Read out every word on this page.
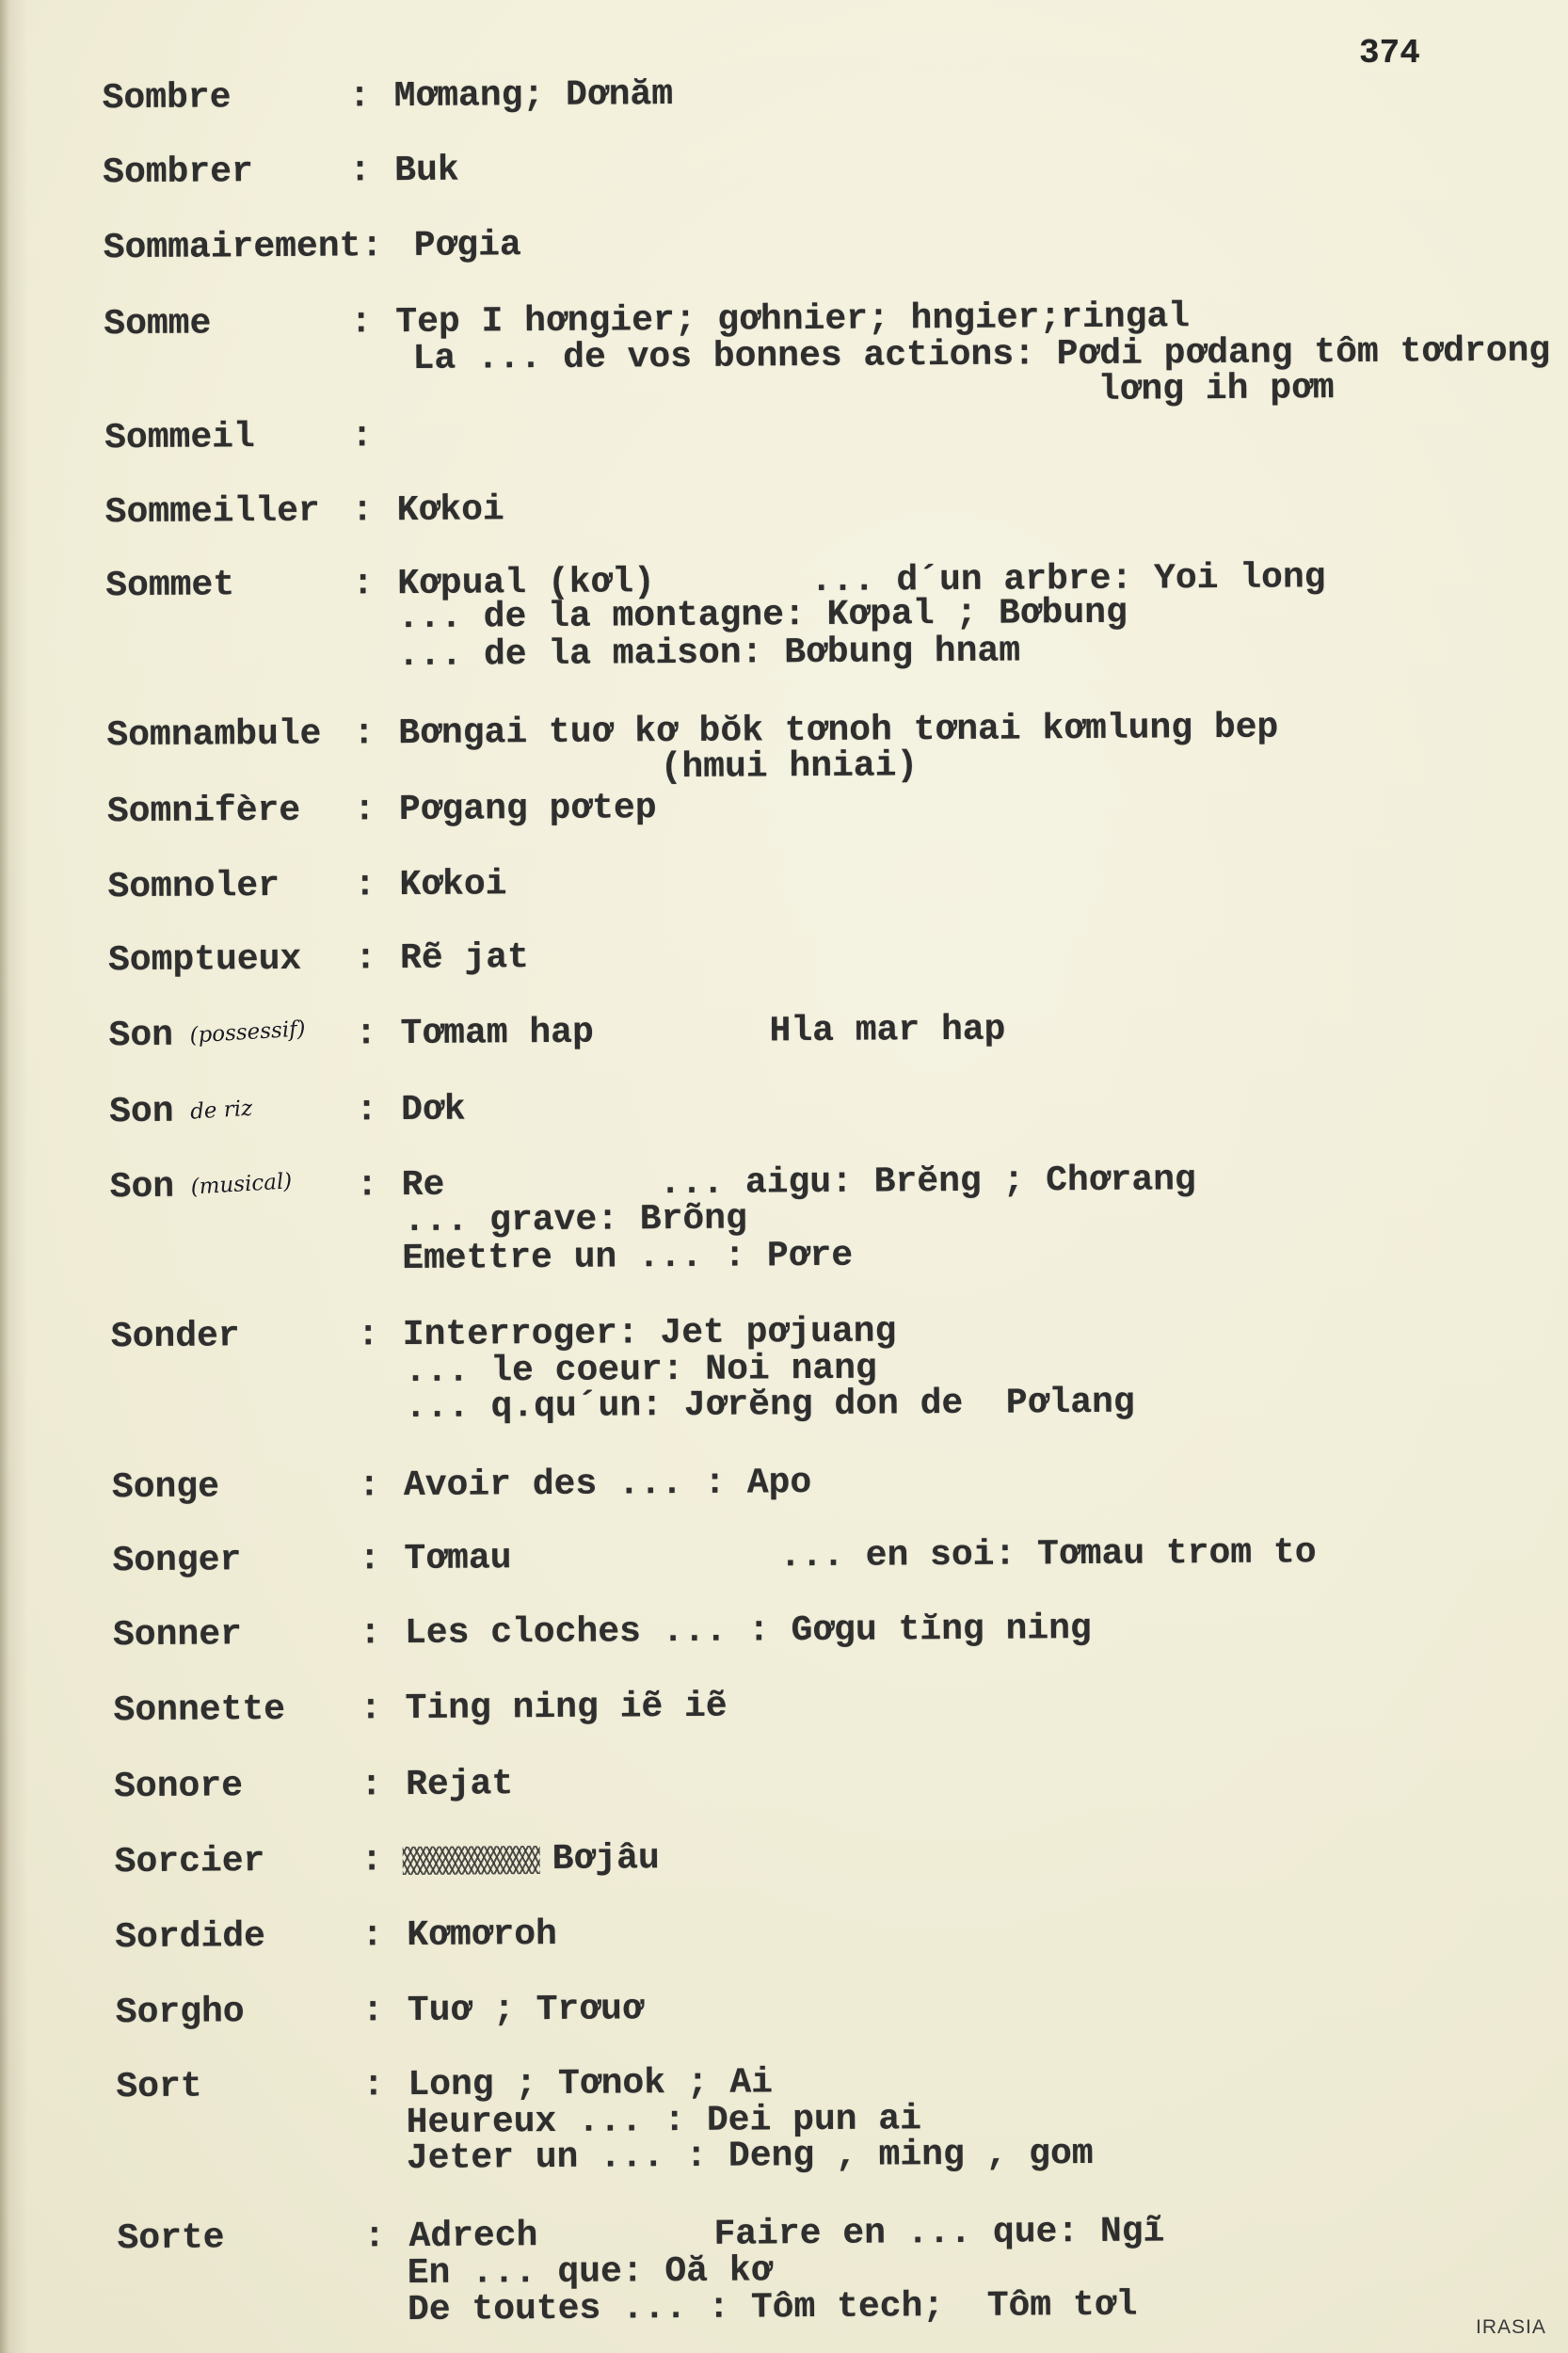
374
Sombre	: Mơmang; Dơnăm
Sombrer	: Buk
Sommairement : Pơgia
Somme	: Tep I hơngier; gơhnier; hngier;ringal
La ... de vos bonnes actions: Pơdi pơdang tôm tơdrong
lơng ih pơm
Sommeil	:
Sommeiller : Kơkoi
Sommet	: Kơpual (kơl)	... d´un arbre: Yoi long
... de la montagne: Kơpal ; Bơbung
... de la maison: Bơbung hnam
Somnambule : Bơngai tuơ kơ bŏk tơnoh tơnai kơmlung bep
(hmui hniai)
Somnifère : Pơgang pơtep
Somnoler : Kơkoi
Somptueux : Rẽ jat
Son (possessif) : Tơmam hap	Hla mar hap
Son de riz	: Dơk
Son (musical) : Re	... aigu: Brĕng ; Chơrang
... grave: Brõng
Emettre un ... : Pơre
Sonder	: Interroger: Jet pơjuang
... le coeur: Noi nang
... q.qu´un: Jơrĕng don de  Pơlang
Songe	: Avoir des ... : Apo
Songer	: Tơmau	... en soi: Tơmau trom to
Sonner	: Les cloches ... : Gơgu tĭng ning
Sonnette : Ting ning iẽ iẽ
Sonore	: Rejat
Sorcier	:	Bơjâu
Sordide	: Kơmơroh
Sorgho	: Tuơ ; Trơuơ
Sort	: Long ; Tơnok ; Ai
Heureux ... : Dei pun ai
Jeter un ... : Deng , ming , gom
Sorte	: Adrech	Faire en ... que: Ngĩ
En ... que: Oă kơ
De toutes ... : Tôm tech;  Tôm tơl	IRASIA
